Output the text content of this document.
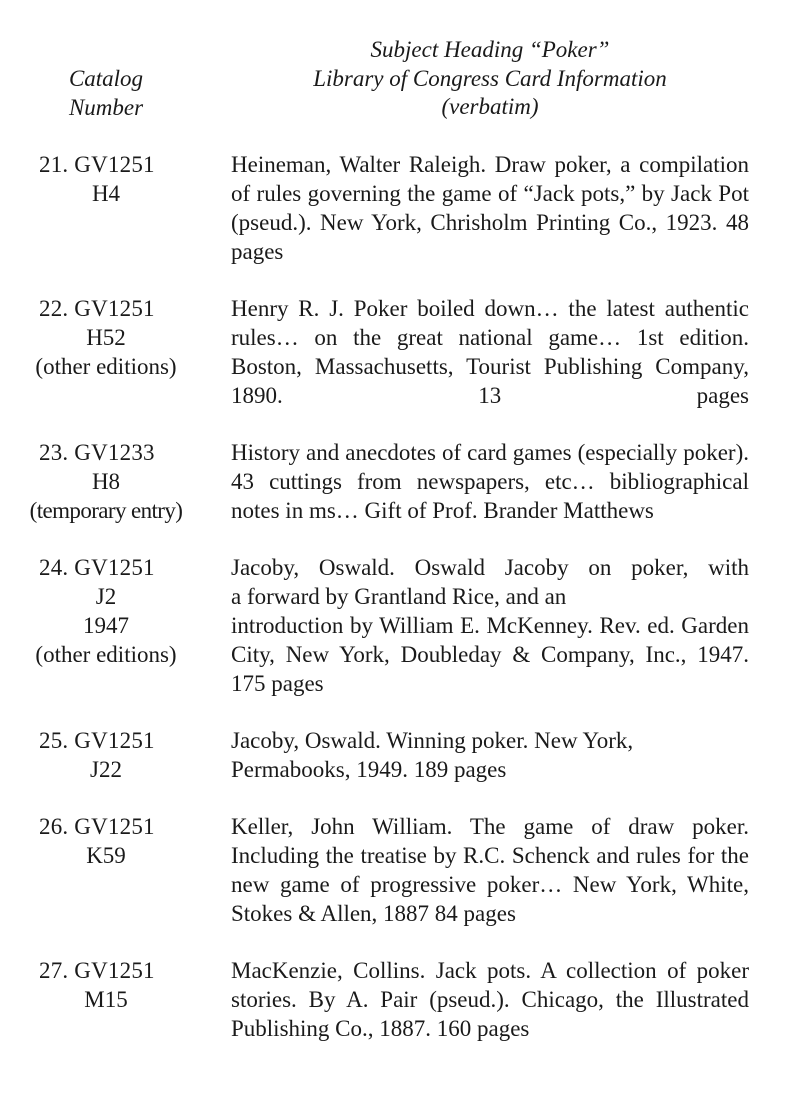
Catalog
Number
Subject Heading “Poker”
Library of Congress Card Information
(verbatim)
21. GV1251
H4
Heineman, Walter Raleigh. Draw poker, a compilation of rules governing the game of “Jack pots,” by Jack Pot (pseud.). New York, Chrisholm Printing Co., 1923. 48 pages
22. GV1251
H52
(other editions)
Henry R. J. Poker boiled down… the latest authentic rules… on the great national game… 1st edition. Boston, Massachusetts, Tourist Publishing Company, 1890. 13 pages
23. GV1233
H8
(temporary entry)
History and anecdotes of card games (especially poker). 43 cuttings from newspapers, etc… bibliographical notes in ms… Gift of Prof. Brander Matthews
24. GV1251
J2
1947
(other editions)
Jacoby, Oswald. Oswald Jacoby on poker, with
a forward by Grantland Rice, and an
introduction by William E. McKenney. Rev. ed. Garden City, New York, Doubleday & Company, Inc., 1947. 175 pages
25. GV1251
J22
Jacoby, Oswald. Winning poker. New York,
Permabooks, 1949. 189 pages
26. GV1251
K59
Keller, John William. The game of draw poker. Including the treatise by R.C. Schenck and rules for the new game of progressive poker… New York, White, Stokes & Allen, 1887 84 pages
27. GV1251
M15
MacKenzie, Collins. Jack pots. A collection of poker stories. By A. Pair (pseud.). Chicago, the Illustrated Publishing Co., 1887. 160 pages
